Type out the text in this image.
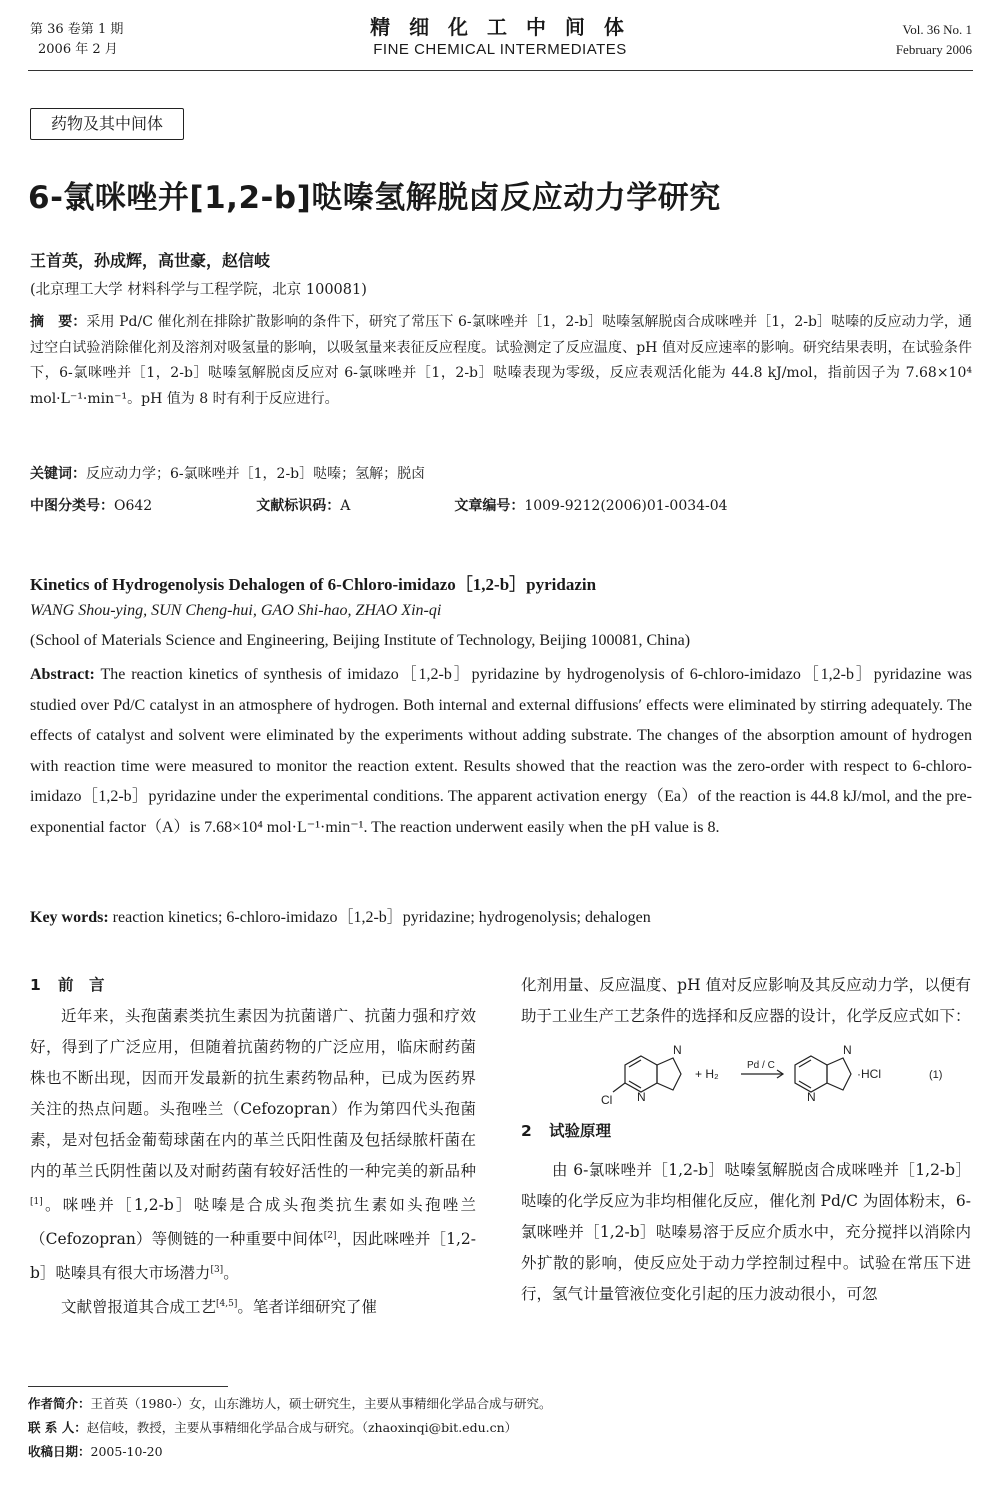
第 36 卷第 1 期
2006 年 2 月
精 细 化 工 中 间 体
FINE CHEMICAL INTERMEDIATES
Vol. 36 No. 1
February 2006
药物及其中间体
6-氯咪唑并[1,2-b]哒嗪氢解脱卤反应动力学研究
王首英，孙成辉，高世豪，赵信岐
(北京理工大学 材料科学与工程学院，北京 100081)
摘　要：采用 Pd/C 催化剂在排除扩散影响的条件下，研究了常压下 6-氯咪唑并［1，2-b］哒嗪氢解脱卤合成咪唑并［1，2-b］哒嗪的反应动力学，通过空白试验消除催化剂及溶剂对吸氢量的影响，以吸氢量来表征反应程度。试验测定了反应温度、pH 值对反应速率的影响。研究结果表明，在试验条件下，6-氯咪唑并［1，2-b］哒嗪氢解脱卤反应对 6-氯咪唑并［1，2-b］哒嗪表现为零级，反应表观活化能为 44.8 kJ/mol，指前因子为 7.68×10⁴ mol·L⁻¹·min⁻¹。pH 值为 8 时有利于反应进行。
关键词：反应动力学；6-氯咪唑并［1，2-b］哒嗪；氢解；脱卤
中图分类号：O642	文献标识码：A	文章编号：1009-9212(2006)01-0034-04
Kinetics of Hydrogenolysis Dehalogen of 6-Chloro-imidazo［1,2-b］pyridazin
WANG Shou-ying, SUN Cheng-hui, GAO Shi-hao, ZHAO Xin-qi
(School of Materials Science and Engineering, Beijing Institute of Technology, Beijing 100081, China)
Abstract: The reaction kinetics of synthesis of imidazo［1,2-b］pyridazine by hydrogenolysis of 6-chloro-imidazo［1,2-b］pyridazine was studied over Pd/C catalyst in an atmosphere of hydrogen. Both internal and external diffusions′ effects were eliminated by stirring adequately. The effects of catalyst and solvent were eliminated by the experiments without adding substrate. The changes of the absorption amount of hydrogen with reaction time were measured to monitor the reaction extent. Results showed that the reaction was the zero-order with respect to 6-chloro-imidazo［1,2-b］pyridazine under the experimental conditions. The apparent activation energy（Ea）of the reaction is 44.8 kJ/mol, and the pre-exponential factor（A）is 7.68×10⁴ mol·L⁻¹·min⁻¹. The reaction underwent easily when the pH value is 8.
Key words: reaction kinetics; 6-chloro-imidazo［1,2-b］pyridazine; hydrogenolysis; dehalogen
1 前　言
近年来，头孢菌素类抗生素因为抗菌谱广、抗菌力强和疗效好，得到了广泛应用，但随着抗菌药物的广泛应用，临床耐药菌株也不断出现，因而开发最新的抗生素药物品种，已成为医药界关注的热点问题。头孢唑兰（Cefozopran）作为第四代头孢菌素，是对包括金葡萄球菌在内的革兰氏阳性菌及包括绿脓杆菌在内的革兰氏阴性菌以及对耐药菌有较好活性的一种完美的新品种[1]。咪唑并［1,2-b］哒嗪是合成头孢类抗生素如头孢唑兰（Cefozopran）等侧链的一种重要中间体[2]，因此咪唑并［1,2-b］哒嗪具有很大市场潜力[3]。
文献曾报道其合成工艺[4,5]。笔者详细研究了催
化剂用量、反应温度、pH 值对反应影响及其反应动力学，以便有助于工业生产工艺条件的选择和反应器的设计，化学反应式如下：
Cl N
N
+ H₂
Pd / C
N
N
·HCl	(1)
2 试验原理
由 6-氯咪唑并［1,2-b］哒嗪氢解脱卤合成咪唑并［1,2-b］哒嗪的化学反应为非均相催化反应，催化剂 Pd/C 为固体粉末，6-氯咪唑并［1,2-b］哒嗪易溶于反应介质水中，充分搅拌以消除内外扩散的影响，使反应处于动力学控制过程中。试验在常压下进行，氢气计量管液位变化引起的压力波动很小，可忽
作者简介：王首英（1980-）女，山东潍坊人，硕士研究生，主要从事精细化学品合成与研究。
联 系 人：赵信岐，教授，主要从事精细化学品合成与研究。（zhaoxinqi@bit.edu.cn）
收稿日期：2005-10-20
